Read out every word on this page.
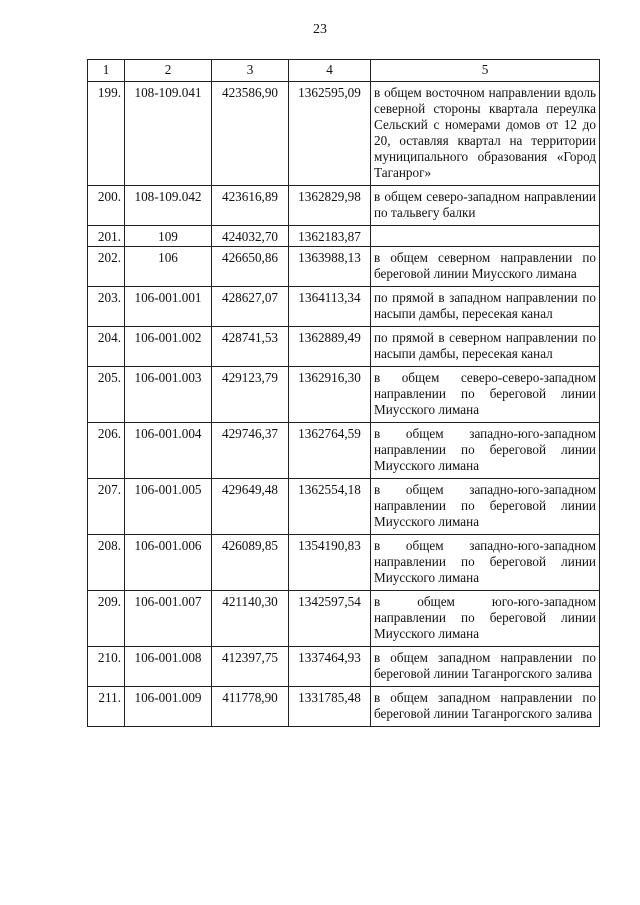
23
1	2	3	4	5
199.	108-109.041	423586,90	1362595,09	в общем восточном направлении вдоль северной стороны квартала переулка Сельский с номерами домов от 12 до 20, оставляя квартал на территории муниципального образования «Город Таганрог»
200.	108-109.042	423616,89	1362829,98	в общем северо-западном направлении по тальвегу балки
201.	109	424032,70	1362183,87	
202.	106	426650,86	1363988,13	в общем северном направлении по береговой линии Миусского лимана
203.	106-001.001	428627,07	1364113,34	по прямой в западном направлении по насыпи дамбы, пересекая канал
204.	106-001.002	428741,53	1362889,49	по прямой в северном направлении по насыпи дамбы, пересекая канал
205.	106-001.003	429123,79	1362916,30	в общем северо-северо-западном направлении по береговой линии Миусского лимана
206.	106-001.004	429746,37	1362764,59	в общем западно-юго-западном направлении по береговой линии Миусского лимана
207.	106-001.005	429649,48	1362554,18	в общем западно-юго-западном направлении по береговой линии Миусского лимана
208.	106-001.006	426089,85	1354190,83	в общем западно-юго-западном направлении по береговой линии Миусского лимана
209.	106-001.007	421140,30	1342597,54	в общем юго-юго-западном направлении по береговой линии Миусского лимана
210.	106-001.008	412397,75	1337464,93	в общем западном направлении по береговой линии Таганрогского залива
211.	106-001.009	411778,90	1331785,48	в общем западном направлении по береговой линии Таганрогского залива
